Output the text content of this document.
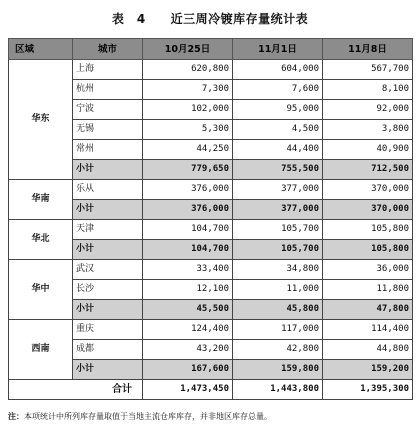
表　4　　近三周冷镀库存量统计表
区域	城市	10月25日	11月1日	11月8日
华东	上海	620,800	604,000	567,700
	杭州	7,300	7,600	8,100
	宁波	102,000	95,000	92,000
	无锡	5,300	4,500	3,800
	常州	44,250	44,400	40,900
	小计	779,650	755,500	712,500
华南	乐从	376,000	377,000	370,000
	小计	376,000	377,000	370,000
华北	天津	104,700	105,700	105,800
	小计	104,700	105,700	105,800
华中	武汉	33,400	34,800	36,000
	长沙	12,100	11,000	11,800
	小计	45,500	45,800	47,800
西南	重庆	124,400	117,000	114,400
	成都	43,200	42,800	44,800
	小计	167,600	159,800	159,200
合计		1,473,450	1,443,800	1,395,300
注：本项统计中所列库存量取值于当地主流仓库库存，并非地区库存总量。
